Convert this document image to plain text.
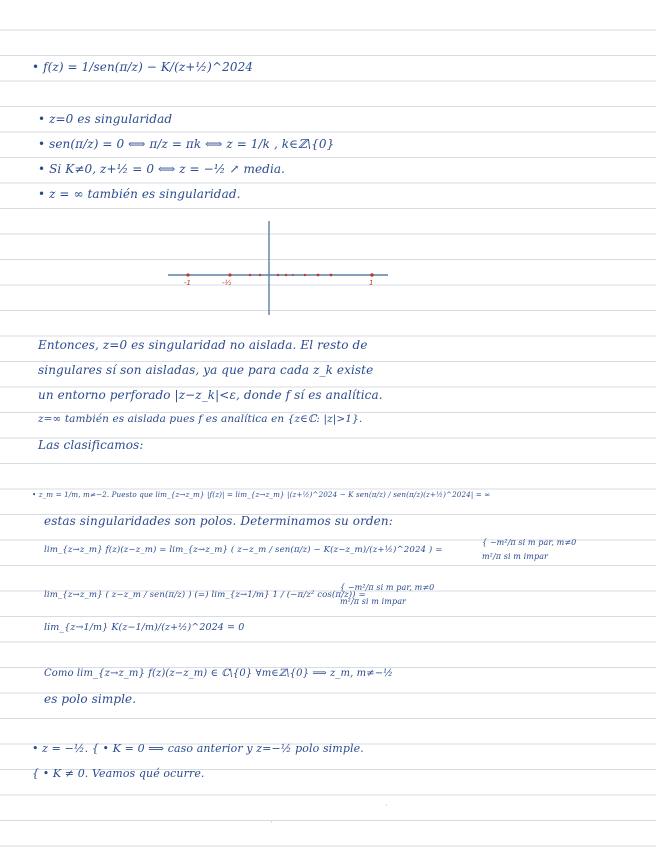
• f(z) = 1/sen(π/z) − K/(z+½)^2024
• z=0 es singularidad
• sen(π/z) = 0 ⟺ π/z = πk ⟺ z = 1/k , k∈ℤ\{0}
• Si K≠0, z+½ = 0 ⟺ z = −½ ↗ media.
• z = ∞ también es singularidad.
-1	-½	1
Entonces, z=0 es singularidad no aislada. El resto de
singulares sí son aisladas, ya que para cada z_k existe
un entorno perforado |z−z_k|<ε, donde f sí es analítica.
z=∞ también es aislada pues f es analítica en {z∈ℂ: |z|>1}.
Las clasificamos:
• z_m = 1/m, m≠−2. Puesto que lim_{z→z_m} |f(z)| = lim_{z→z_m} |(z+½)^2024 − K sen(π/z) / sen(π/z)(z+½)^2024| = ∞
estas singularidades son polos. Determinamos su orden:
lim_{z→z_m} f(z)(z−z_m) = lim_{z→z_m} ( z−z_m / sen(π/z) − K(z−z_m)/(z+½)^2024 ) =
{ −m²/π si m par, m≠0
m²/π si m impar
lim_{z→z_m} ( z−z_m / sen(π/z) ) (=) lim_{z→1/m} 1 / (−π/z² cos(π/z)) =
{ −m²/π si m par, m≠0
m²/π si m impar
lim_{z→1/m} K(z−1/m)/(z+½)^2024 = 0
Como lim_{z→z_m} f(z)(z−z_m) ∈ ℂ\{0} ∀m∈ℤ\{0} ⟹ z_m, m≠−½
es polo simple.
• z = −½. { • K = 0 ⟹ caso anterior y z=−½ polo simple.
{ • K ≠ 0. Veamos qué ocurre.
·
·
